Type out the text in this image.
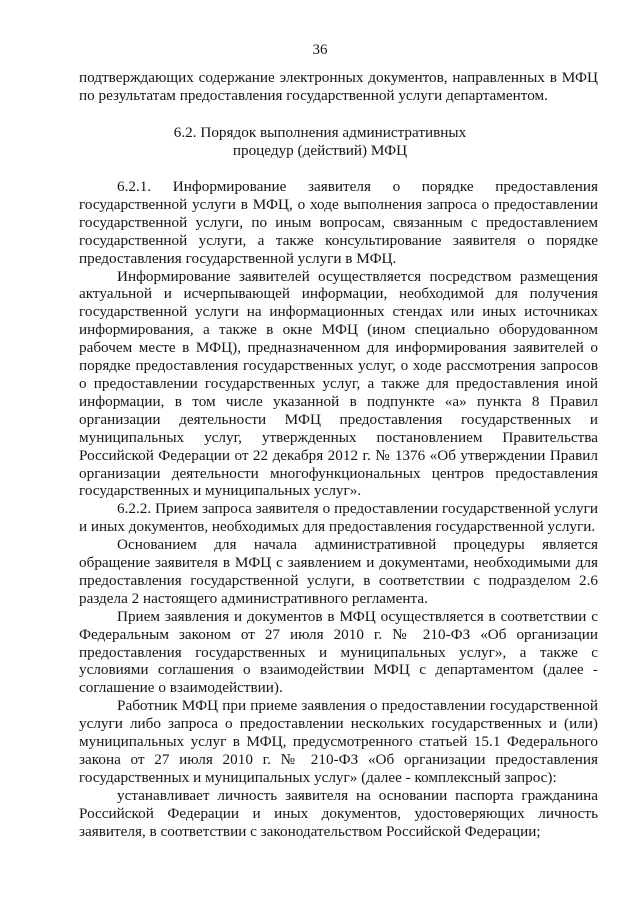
36

подтверждающих содержание электронных документов, направленных в МФЦ по результатам предоставления государственной услуги департаментом.

6.2. Порядок выполнения административных
процедур (действий) МФЦ

6.2.1. Информирование заявителя о порядке предоставления государственной услуги в МФЦ, о ходе выполнения запроса о предоставлении государственной услуги, по иным вопросам, связанным с предоставлением государственной услуги, а также консультирование заявителя о порядке предоставления государственной услуги в МФЦ.

Информирование заявителей осуществляется посредством размещения актуальной и исчерпывающей информации, необходимой для получения государственной услуги на информационных стендах или иных источниках информирования, а также в окне МФЦ (ином специально оборудованном рабочем месте в МФЦ), предназначенном для информирования заявителей о порядке предоставления государственных услуг, о ходе рассмотрения запросов о предоставлении государственных услуг, а также для предоставления иной информации, в том числе указанной в подпункте «а» пункта 8 Правил организации деятельности МФЦ предоставления государственных и муниципальных услуг, утвержденных постановлением Правительства Российской Федерации от 22 декабря 2012 г. № 1376 «Об утверждении Правил организации деятельности многофункциональных центров предоставления государственных и муниципальных услуг».

6.2.2. Прием запроса заявителя о предоставлении государственной услуги и иных документов, необходимых для предоставления государственной услуги.

Основанием для начала административной процедуры является обращение заявителя в МФЦ с заявлением и документами, необходимыми для предоставления государственной услуги, в соответствии с подразделом 2.6 раздела 2 настоящего административного регламента.

Прием заявления и документов в МФЦ осуществляется в соответствии с Федеральным законом от 27 июля 2010 г. № 210-ФЗ «Об организации предоставления государственных и муниципальных услуг», а также с условиями соглашения о взаимодействии МФЦ с департаментом (далее - соглашение о взаимодействии).

Работник МФЦ при приеме заявления о предоставлении государственной услуги либо запроса о предоставлении нескольких государственных и (или) муниципальных услуг в МФЦ, предусмотренного статьей 15.1 Федерального закона от 27 июля 2010 г. № 210-ФЗ «Об организации предоставления государственных и муниципальных услуг» (далее - комплексный запрос):

устанавливает личность заявителя на основании паспорта гражданина Российской Федерации и иных документов, удостоверяющих личность заявителя, в соответствии с законодательством Российской Федерации;
